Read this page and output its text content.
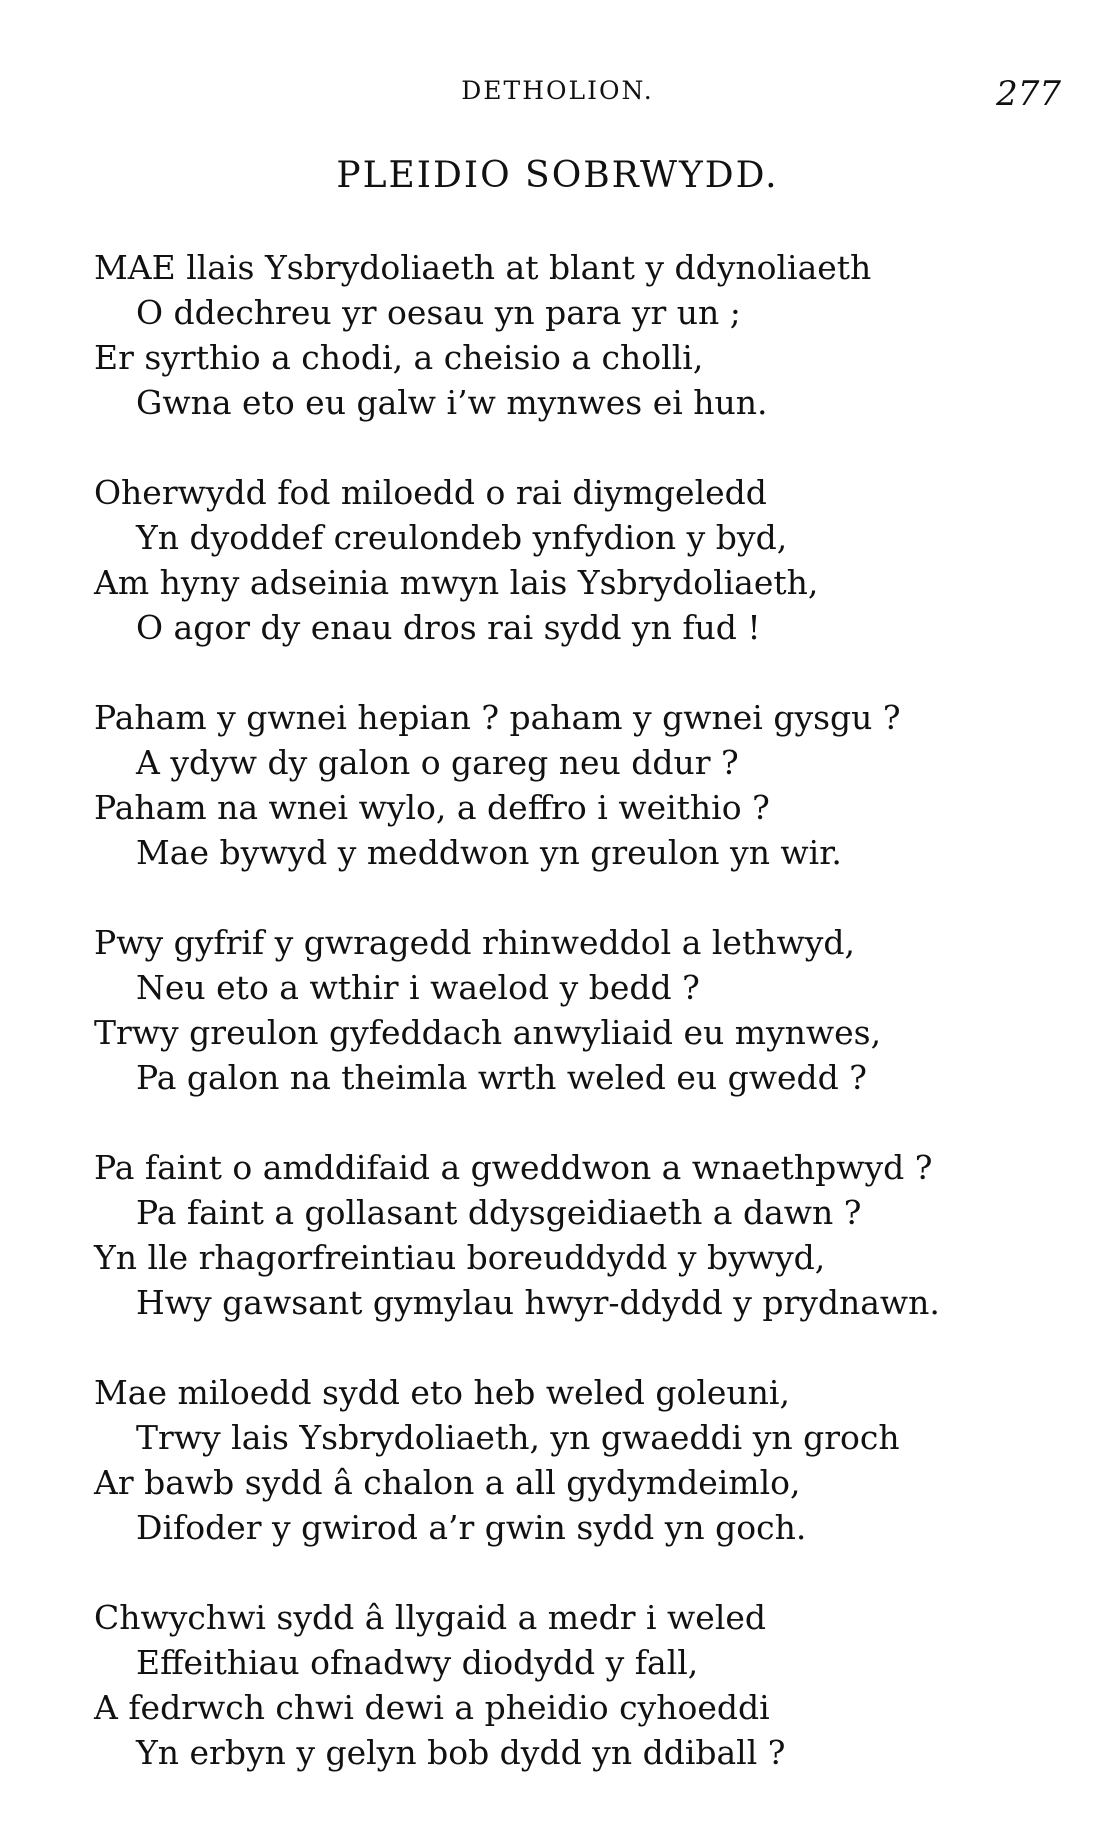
DETHOLION.	277
PLEIDIO SOBRWYDD.
MAE llais Ysbrydoliaeth at blant y ddynoliaeth
O ddechreu yr oesau yn para yr un ;
Er syrthio a chodi, a cheisio a cholli,
Gwna eto eu galw i’w mynwes ei hun.
Oherwydd fod miloedd o rai diymgeledd
Yn dyoddef creulondeb ynfydion y byd,
Am hyny adseinia mwyn lais Ysbrydoliaeth,
O agor dy enau dros rai sydd yn fud !
Paham y gwnei hepian ? paham y gwnei gysgu ?
A ydyw dy galon o gareg neu ddur ?
Paham na wnei wylo, a deffro i weithio ?
Mae bywyd y meddwon yn greulon yn wir.
Pwy gyfrif y gwragedd rhinweddol a lethwyd,
Neu eto a wthir i waelod y bedd ?
Trwy greulon gyfeddach anwyliaid eu mynwes,
Pa galon na theimla wrth weled eu gwedd ?
Pa faint o amddifaid a gweddwon a wnaethpwyd ?
Pa faint a gollasant ddysgeidiaeth a dawn ?
Yn lle rhagorfreintiau boreuddydd y bywyd,
Hwy gawsant gymylau hwyr-ddydd y prydnawn.
Mae miloedd sydd eto heb weled goleuni,
Trwy lais Ysbrydoliaeth, yn gwaeddi yn groch
Ar bawb sydd â chalon a all gydymdeimlo,
Difoder y gwirod a’r gwin sydd yn goch.
Chwychwi sydd â llygaid a medr i weled
Effeithiau ofnadwy diodydd y fall,
A fedrwch chwi dewi a pheidio cyhoeddi
Yn erbyn y gelyn bob dydd yn ddiball ?
